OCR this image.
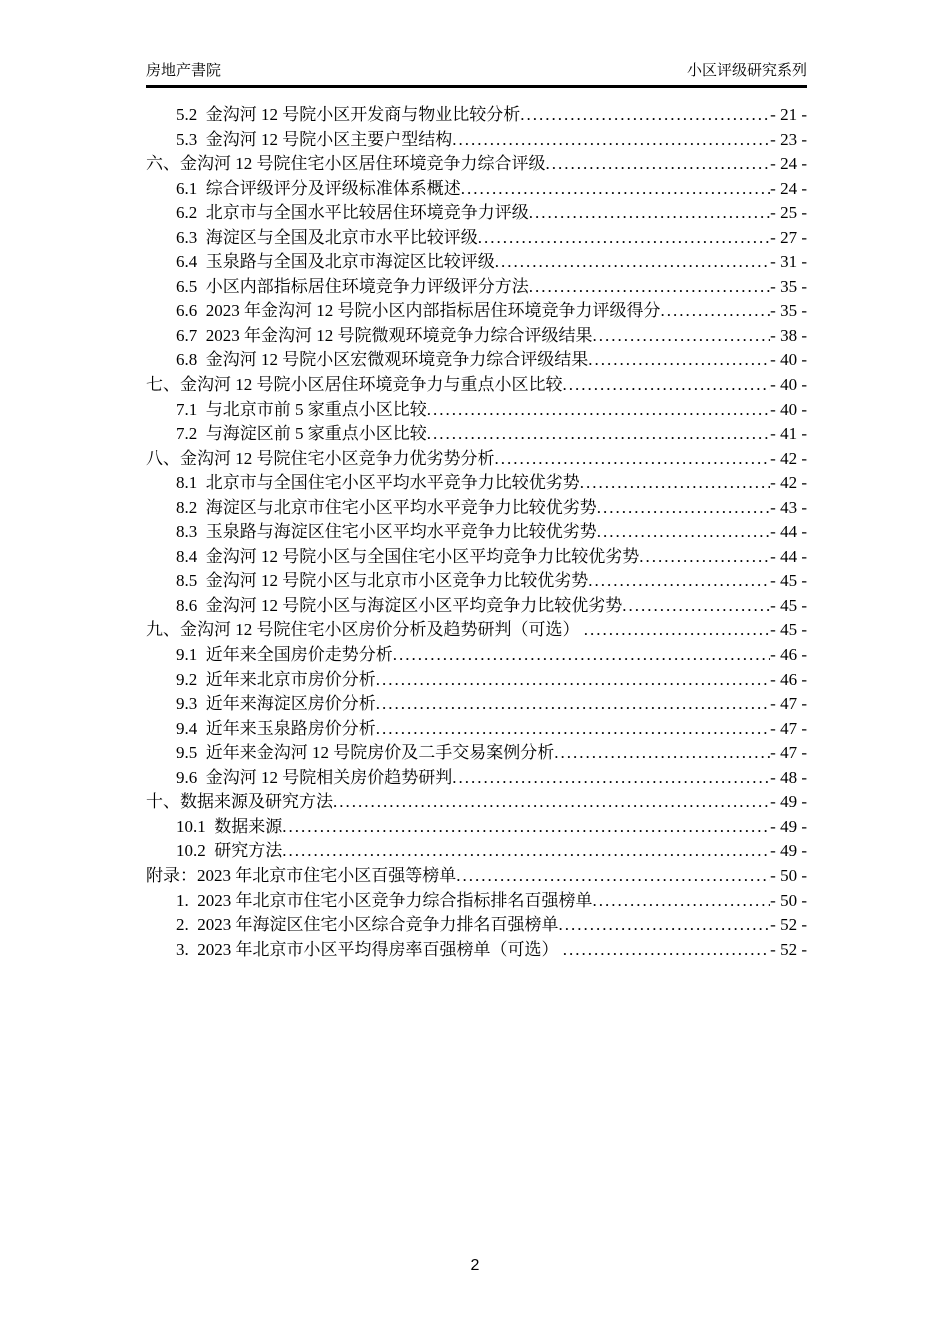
房地产書院	小区评级研究系列
5.2  金沟河 12 号院小区开发商与物业比较分析 .....	- 21 -
5.3  金沟河 12 号院小区主要户型结构 .....	- 23 -
六、金沟河 12 号院住宅小区居住环境竞争力综合评级 .....	- 24 -
6.1  综合评级评分及评级标准体系概述 .....	- 24 -
6.2  北京市与全国水平比较居住环境竞争力评级 .....	- 25 -
6.3  海淀区与全国及北京市水平比较评级 .....	- 27 -
6.4  玉泉路与全国及北京市海淀区比较评级 .....	- 31 -
6.5  小区内部指标居住环境竞争力评级评分方法 .....	- 35 -
6.6  2023 年金沟河 12 号院小区内部指标居住环境竞争力评级得分 .....	- 35 -
6.7  2023 年金沟河 12 号院微观环境竞争力综合评级结果 .....	- 38 -
6.8  金沟河 12 号院小区宏微观环境竞争力综合评级结果 .....	- 40 -
七、金沟河 12 号院小区居住环境竞争力与重点小区比较 .....	- 40 -
7.1  与北京市前 5 家重点小区比较 .....	- 40 -
7.2  与海淀区前 5 家重点小区比较 .....	- 41 -
八、金沟河 12 号院住宅小区竞争力优劣势分析 .....	- 42 -
8.1  北京市与全国住宅小区平均水平竞争力比较优劣势 .....	- 42 -
8.2  海淀区与北京市住宅小区平均水平竞争力比较优劣势 .....	- 43 -
8.3  玉泉路与海淀区住宅小区平均水平竞争力比较优劣势 .....	- 44 -
8.4  金沟河 12 号院小区与全国住宅小区平均竞争力比较优劣势 .....	- 44 -
8.5  金沟河 12 号院小区与北京市小区竞争力比较优劣势 .....	- 45 -
8.6  金沟河 12 号院小区与海淀区小区平均竞争力比较优劣势 .....	- 45 -
九、金沟河 12 号院住宅小区房价分析及趋势研判（可选） .....	- 45 -
9.1  近年来全国房价走势分析 .....	- 46 -
9.2  近年来北京市房价分析 .....	- 46 -
9.3  近年来海淀区房价分析 .....	- 47 -
9.4  近年来玉泉路房价分析 .....	- 47 -
9.5  近年来金沟河 12 号院房价及二手交易案例分析 .....	- 47 -
9.6  金沟河 12 号院相关房价趋势研判 .....	- 48 -
十、数据来源及研究方法 .....	- 49 -
10.1  数据来源 .....	- 49 -
10.2  研究方法 .....	- 49 -
附录：2023 年北京市住宅小区百强等榜单 .....	- 50 -
1.  2023 年北京市住宅小区竞争力综合指标排名百强榜单 .....	- 50 -
2.  2023 年海淀区住宅小区综合竞争力排名百强榜单 .....	- 52 -
3.  2023 年北京市小区平均得房率百强榜单（可选） .....	- 52 -
2
